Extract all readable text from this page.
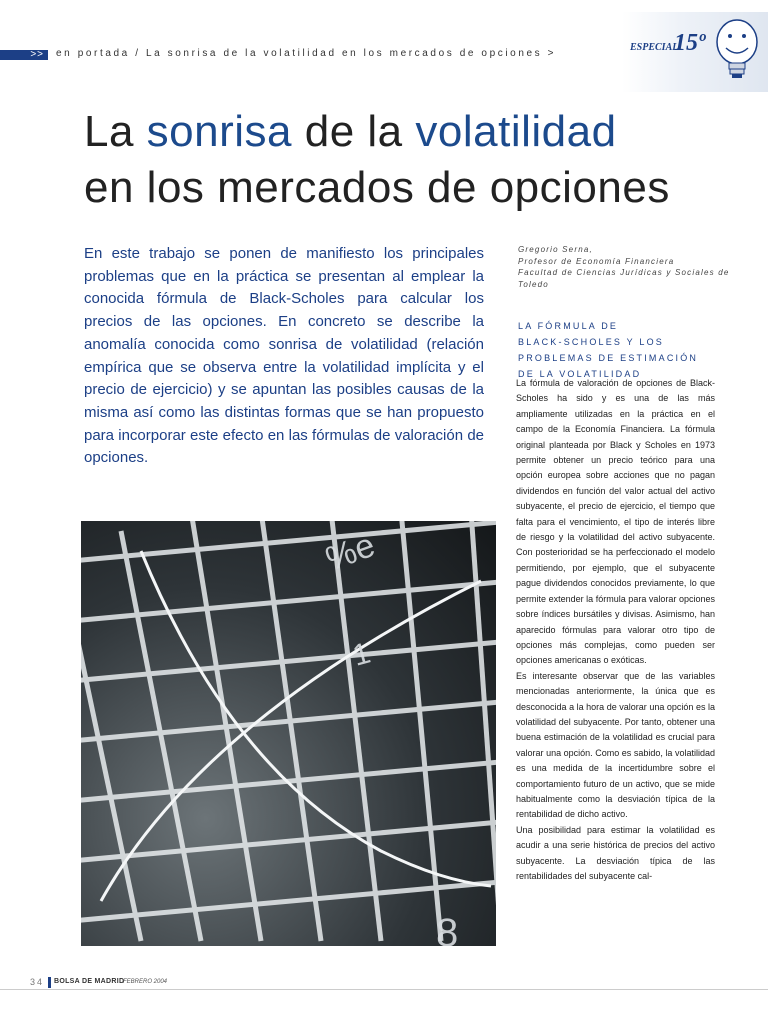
>> en portada / La sonrisa de la volatilidad en los mercados de opciones >
ESPECIAL
15º
La sonrisa de la volatilidad
en los mercados de opciones

En este trabajo se ponen de manifiesto los principales problemas que en la práctica se presentan al emplear la conocida fórmula de Black-Scholes para calcular los precios de las opciones. En concreto se describe la anomalía conocida como sonrisa de volatilidad (relación empírica que se observa entre la volatilidad implícita y el precio de ejercicio) y se apuntan las posibles causas de la misma así como las distintas formas que se han propuesto para incorporar este efecto en las fórmulas de valoración de opciones.

Gregorio Serna,
Profesor de Economía Financiera
Facultad de Ciencias Jurídicas y Sociales de Toledo
LA FÓRMULA DE
BLACK-SCHOLES Y LOS
PROBLEMAS DE ESTIMACIÓN
DE LA VOLATILIDAD

La fórmula de valoración de opciones de Black-Scholes ha sido y es una de las más ampliamente utilizadas en la práctica en el campo de la Economía Financiera. La fórmula original planteada por Black y Scholes en 1973 permite obtener un precio teórico para una opción europea sobre acciones que no pagan dividendos en función del valor actual del activo subyacente, el precio de ejercicio, el tiempo que falta para el vencimiento, el tipo de interés libre de riesgo y la volatilidad del activo subyacente. Con posterioridad se ha perfeccionado el modelo permitiendo, por ejemplo, que el subyacente pague dividendos conocidos previamente, lo que permite extender la fórmula para valorar opciones sobre índices bursátiles y divisas. Asimismo, han aparecido fórmulas para valorar otro tipo de opciones más complejas, como pueden ser opciones americanas o exóticas.

Es interesante observar que de las variables mencionadas anteriormente, la única que es desconocida a la hora de valorar una opción es la volatilidad del subyacente. Por tanto, obtener una buena estimación de la volatilidad es crucial para valorar una opción. Como es sabido, la volatilidad es una medida de la incertidumbre sobre el comportamiento futuro de un activo, que se mide habitualmente como la desviación típica de la rentabilidad de dicho activo.

Una posibilidad para estimar la volatilidad es acudir a una serie histórica de precios del activo subyacente. La desviación típica de las rentabilidades del subyacente cal-

%e
1
8
34 BOLSA DE MADRID
FEBRERO 2004
